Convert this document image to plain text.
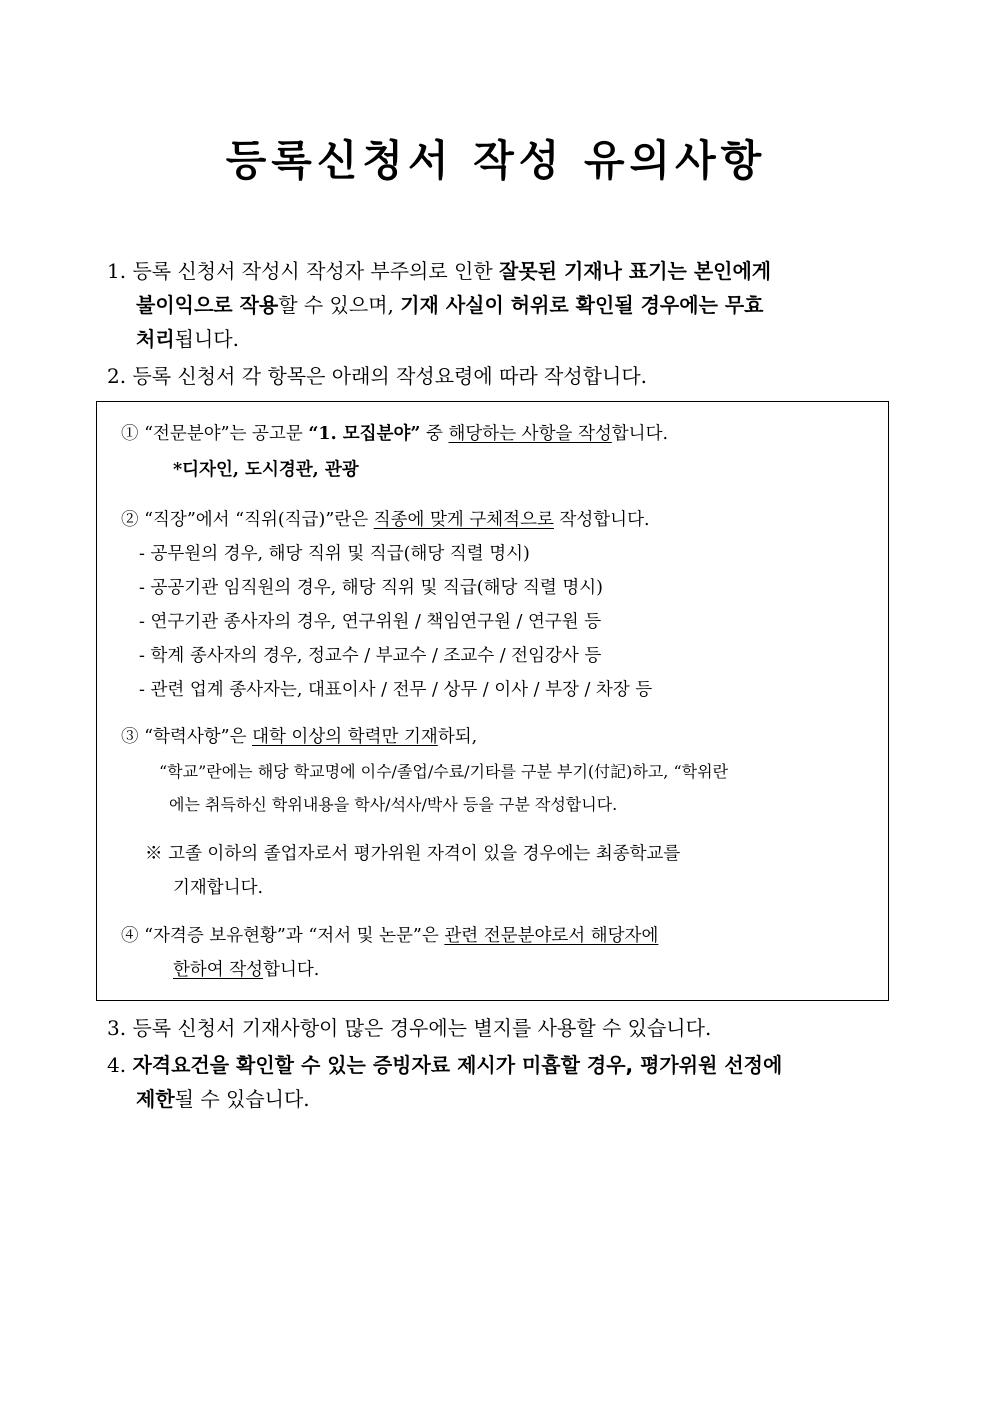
등록신청서 작성 유의사항
1. 등록 신청서 작성시 작성자 부주의로 인한 잘못된 기재나 표기는 본인에게
불이익으로 작용할 수 있으며, 기재 사실이 허위로 확인될 경우에는 무효
처리됩니다.
2. 등록 신청서 각 항목은 아래의 작성요령에 따라 작성합니다.
① “전문분야”는 공고문 “1. 모집분야” 중 해당하는 사항을 작성합니다.
*디자인, 도시경관, 관광
② “직장”에서 “직위(직급)”란은 직종에 맞게 구체적으로 작성합니다.
- 공무원의 경우, 해당 직위 및 직급(해당 직렬 명시)
- 공공기관 임직원의 경우, 해당 직위 및 직급(해당 직렬 명시)
- 연구기관 종사자의 경우, 연구위원 / 책임연구원 / 연구원 등
- 학계 종사자의 경우, 정교수 / 부교수 / 조교수 / 전임강사 등
- 관련 업계 종사자는, 대표이사 / 전무 / 상무 / 이사 / 부장 / 차장 등
③ “학력사항”은 대학 이상의 학력만 기재하되,
“학교”란에는 해당 학교명에 이수/졸업/수료/기타를 구분 부기(付記)하고, “학위란
에는 취득하신 학위내용을 학사/석사/박사 등을 구분 작성합니다.
※ 고졸 이하의 졸업자로서 평가위원 자격이 있을 경우에는 최종학교를
기재합니다.
④ “자격증 보유현황”과 “저서 및 논문”은 관련 전문분야로서 해당자에
한하여 작성합니다.
3. 등록 신청서 기재사항이 많은 경우에는 별지를 사용할 수 있습니다.
4. 자격요건을 확인할 수 있는 증빙자료 제시가 미흡할 경우, 평가위원 선정에
제한될 수 있습니다.
